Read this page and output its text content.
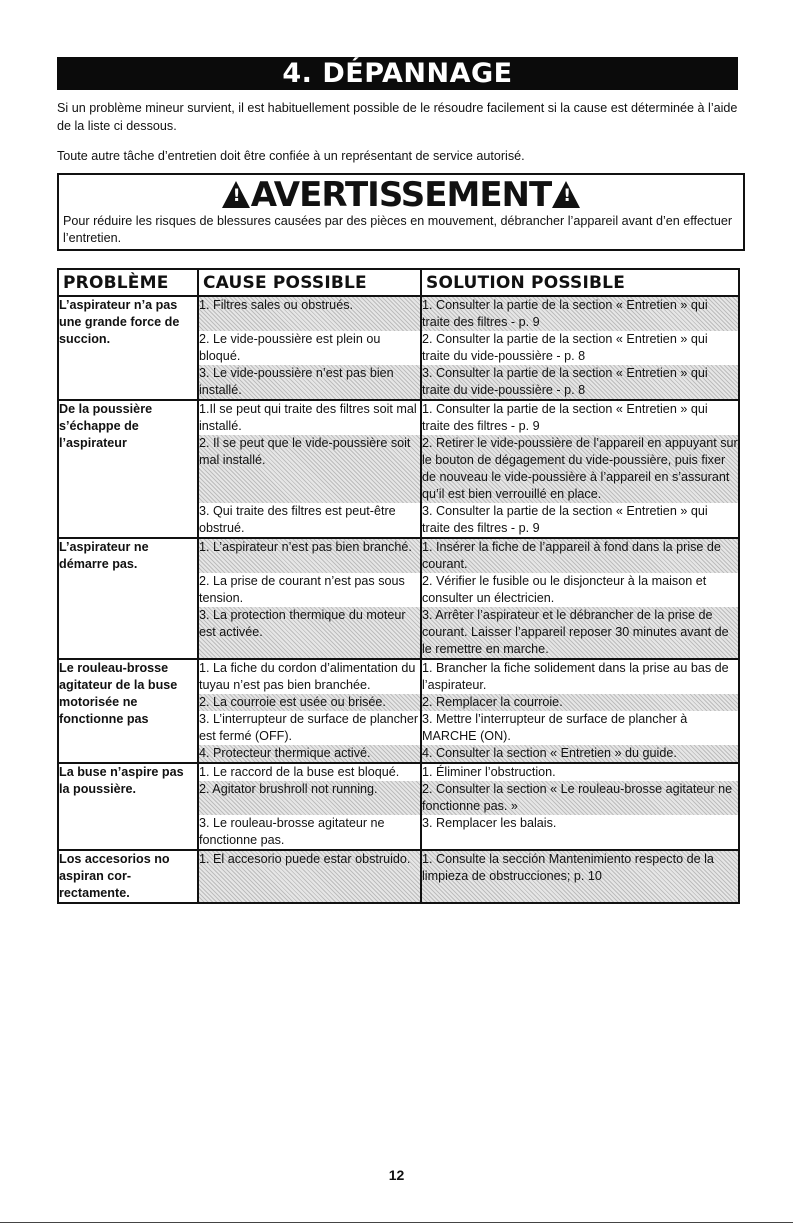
4. DÉPANNAGE

Si un problème mineur survient, il est habituellement possible de le résoudre facilement si la cause est déterminée à l’aide de la liste ci dessous.

Toute autre tâche d’entretien doit être confiée à un représentant de service autorisé.

!AVERTISSEMENT!
Pour réduire les risques de blessures causées par des pièces en mouvement, débrancher l’appareil avant d’en effectuer l’entretien.
PROBLÈME	CAUSE POSSIBLE	SOLUTION POSSIBLE
L’aspirateur n’a pas une grande force de succion.	1. Filtres sales ou obstrués.	1. Consulter la partie de la section « Entretien » qui traite des filtres - p. 9
	2. Le vide-poussière est plein ou bloqué.	2. Consulter la partie de la section « Entretien » qui traite du vide-poussière - p. 8
	3. Le vide-poussière n’est pas bien installé.	3. Consulter la partie de la section « Entretien » qui traite du vide-poussière - p. 8
De la poussière s’échappe de l’aspirateur	1.Il se peut qui traite des filtres soit mal installé.	1. Consulter la partie de la section « Entretien » qui traite des filtres - p. 9
	2. Il se peut que le vide-poussière soit mal installé.	2. Retirer le vide-poussière de l’appareil en appuyant sur le bouton de dégagement du vide-poussière, puis fixer de nouveau le vide-poussière à l’appareil en s’assurant qu’il est bien verrouillé en place.
	3. Qui traite des filtres est peut-être obstrué.	3. Consulter la partie de la section « Entretien » qui traite des filtres - p. 9
L’aspirateur ne démarre pas.	1. L’aspirateur n’est pas bien branché.	1. Insérer la fiche de l’appareil à fond dans la prise de courant.
	2. La prise de courant n’est pas sous tension.	2. Vérifier le fusible ou le disjoncteur à la maison et consulter un électricien.
	3. La protection thermique du moteur est activée.	3. Arrêter l’aspirateur et le débrancher de la prise de courant. Laisser l’appareil reposer 30 minutes avant de le remettre en marche.
Le rouleau-brosse agitateur de la buse motorisée ne fonctionne pas	1. La fiche du cordon d’alimentation du tuyau n’est pas bien branchée.	1. Brancher la fiche solidement dans la prise au bas de l’aspirateur.
	2. La courroie est usée ou brisée.	2. Remplacer la courroie.
	3. L’interrupteur de surface de plancher est fermé (OFF).	3. Mettre l’interrupteur de surface de plancher à MARCHE (ON).
	4. Protecteur thermique activé.	4. Consulter la section « Entretien » du guide.
La buse n’aspire pas la poussière.	1. Le raccord de la buse est bloqué.	1. Éliminer l’obstruction.
	2. Agitator brushroll not running.	2. Consulter la section « Le rouleau-brosse agitateur ne fonctionne pas. »
	3. Le rouleau-brosse agitateur ne fonctionne pas.	3. Remplacer les balais.
Los accesorios no aspiran cor-rectamente.	1. El accesorio puede estar obstruido.	1. Consulte la sección Mantenimiento respecto de la limpieza de obstrucciones; p. 10
12
